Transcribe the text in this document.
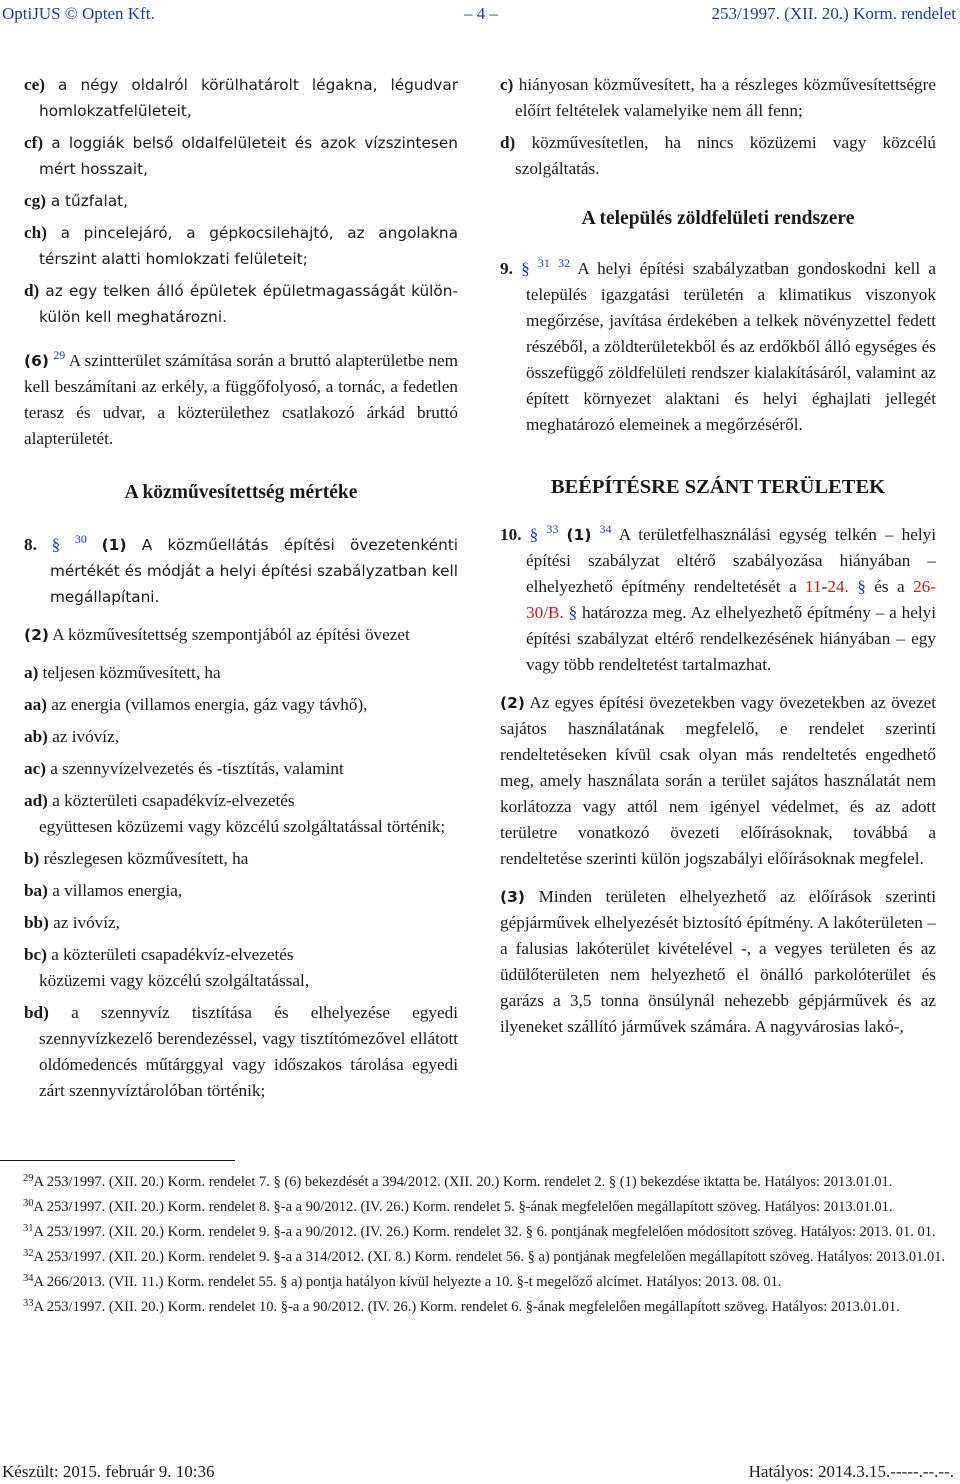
OptiJUS © Opten Kft.	– 4 –	253/1997. (XII. 20.) Korm. rendelet

ce) a négy oldalról körülhatárolt légakna, légudvar homlokzatfelületeit,

cf) a loggiák belső oldalfelületeit és azok vízszintesen mért hosszait,

cg) a tűzfalat,

ch) a pincelejáró, a gépkocsilehajtó, az angolakna térszint alatti homlokzati felületeit;

d) az egy telken álló épületek épületmagasságát külön-külön kell meghatározni.

(6) $^{29}$ A szintterület számítása során a bruttó alapterületbe nem kell beszámítani az erkély, a függőfolyosó, a tornác, a fedetlen terasz és udvar, a közterülethez csatlakozó árkád bruttó alapterületét.

A közművesítettség mértéke

8. § $^{30}$ (1) A közműellátás építési övezetenkénti mértékét és módját a helyi építési szabályzatban kell megállapítani.

(2) A közművesítettség szempontjából az építési övezet

a) teljesen közművesített, ha

aa) az energia (villamos energia, gáz vagy távhő),

ab) az ivóvíz,

ac) a szennyvízelvezetés és -tisztítás, valamint

ad) a közterületi csapadékvíz-elvezetés

együttesen közüzemi vagy közcélú szolgáltatással történik;

b) részlegesen közművesített, ha

ba) a villamos energia,

bb) az ivóvíz,

bc) a közterületi csapadékvíz-elvezetés

közüzemi vagy közcélú szolgáltatással,

bd) a szennyvíz tisztítása és elhelyezése egyedi szennyvízkezelő berendezéssel, vagy tisztítómezővel ellátott oldómedencés műtárggyal vagy időszakos tárolása egyedi zárt szennyvíztárolóban történik;

c) hiányosan közművesített, ha a részleges közművesítettségre előírt feltételek valamelyike nem áll fenn;

d) közművesítetlen, ha nincs közüzemi vagy közcélú szolgáltatás.

A település zöldfelületi rendszere

9. § $^{31}$ $^{32}$ A helyi építési szabályzatban gondoskodni kell a település igazgatási területén a klimatikus viszonyok megőrzése, javítása érdekében a telkek növényzettel fedett részéből, a zöldterületekből és az erdőkből álló egységes és összefüggő zöldfelületi rendszer kialakításáról, valamint az épített környezet alaktani és helyi éghajlati jellegét meghatározó elemeinek a megőrzéséről.

BEÉPÍTÉSRE SZÁNT TERÜLETEK

10. § $^{33}$ (1) $^{34}$ A területfelhasználási egység telkén – helyi építési szabályzat eltérő szabályozása hiányában – elhelyezhető építmény rendeltetését a 11-24. § és a 26-30/B. § határozza meg. Az elhelyezhető építmény – a helyi építési szabályzat eltérő rendelkezésének hiányában – egy vagy több rendeltetést tartalmazhat.

(2) Az egyes építési övezetekben vagy övezetekben az övezet sajátos használatának megfelelő, e rendelet szerinti rendeltetéseken kívül csak olyan más rendeltetés engedhető meg, amely használata során a terület sajátos használatát nem korlátozza vagy attól nem igényel védelmet, és az adott területre vonatkozó övezeti előírásoknak, továbbá a rendeltetése szerinti külön jogszabályi előírásoknak megfelel.

(3) Minden területen elhelyezhető az előírások szerinti gépjárművek elhelyezését biztosító építmény. A lakóterületen – a falusias lakóterület kivételével -, a vegyes területen és az üdülőterületen nem helyezhető el önálló parkolóterület és garázs a 3,5 tonna önsúlynál nehezebb gépjárművek és az ilyeneket szállító járművek számára. A nagyvárosias lakó-,

$^{29}$A 253/1997. (XII. 20.) Korm. rendelet 7. § (6) bekezdését a 394/2012. (XII. 20.) Korm. rendelet 2. § (1) bekezdése iktatta be. Hatályos: 2013.01.01.

$^{30}$A 253/1997. (XII. 20.) Korm. rendelet 8. §-a a 90/2012. (IV. 26.) Korm. rendelet 5. §-ának megfelelően megállapított szöveg. Hatályos: 2013.01.01.

$^{31}$A 253/1997. (XII. 20.) Korm. rendelet 9. §-a a 90/2012. (IV. 26.) Korm. rendelet 32. § 6. pontjának megfelelően módosított szöveg. Hatályos: 2013. 01. 01.

$^{32}$A 253/1997. (XII. 20.) Korm. rendelet 9. §-a a 314/2012. (XI. 8.) Korm. rendelet 56. § a) pontjának megfelelően megállapított szöveg. Hatályos: 2013.01.01.

$^{34}$A 266/2013. (VII. 11.) Korm. rendelet 55. § a) pontja hatályon kívül helyezte a 10. §-t megelőző alcímet. Hatályos: 2013. 08. 01.

$^{33}$A 253/1997. (XII. 20.) Korm. rendelet 10. §-a a 90/2012. (IV. 26.) Korm. rendelet 6. §-ának megfelelően megállapított szöveg. Hatályos: 2013.01.01.

Készült: 2015. február 9. 10:36	Hatályos: 2014.3.15.-----.--.--.
